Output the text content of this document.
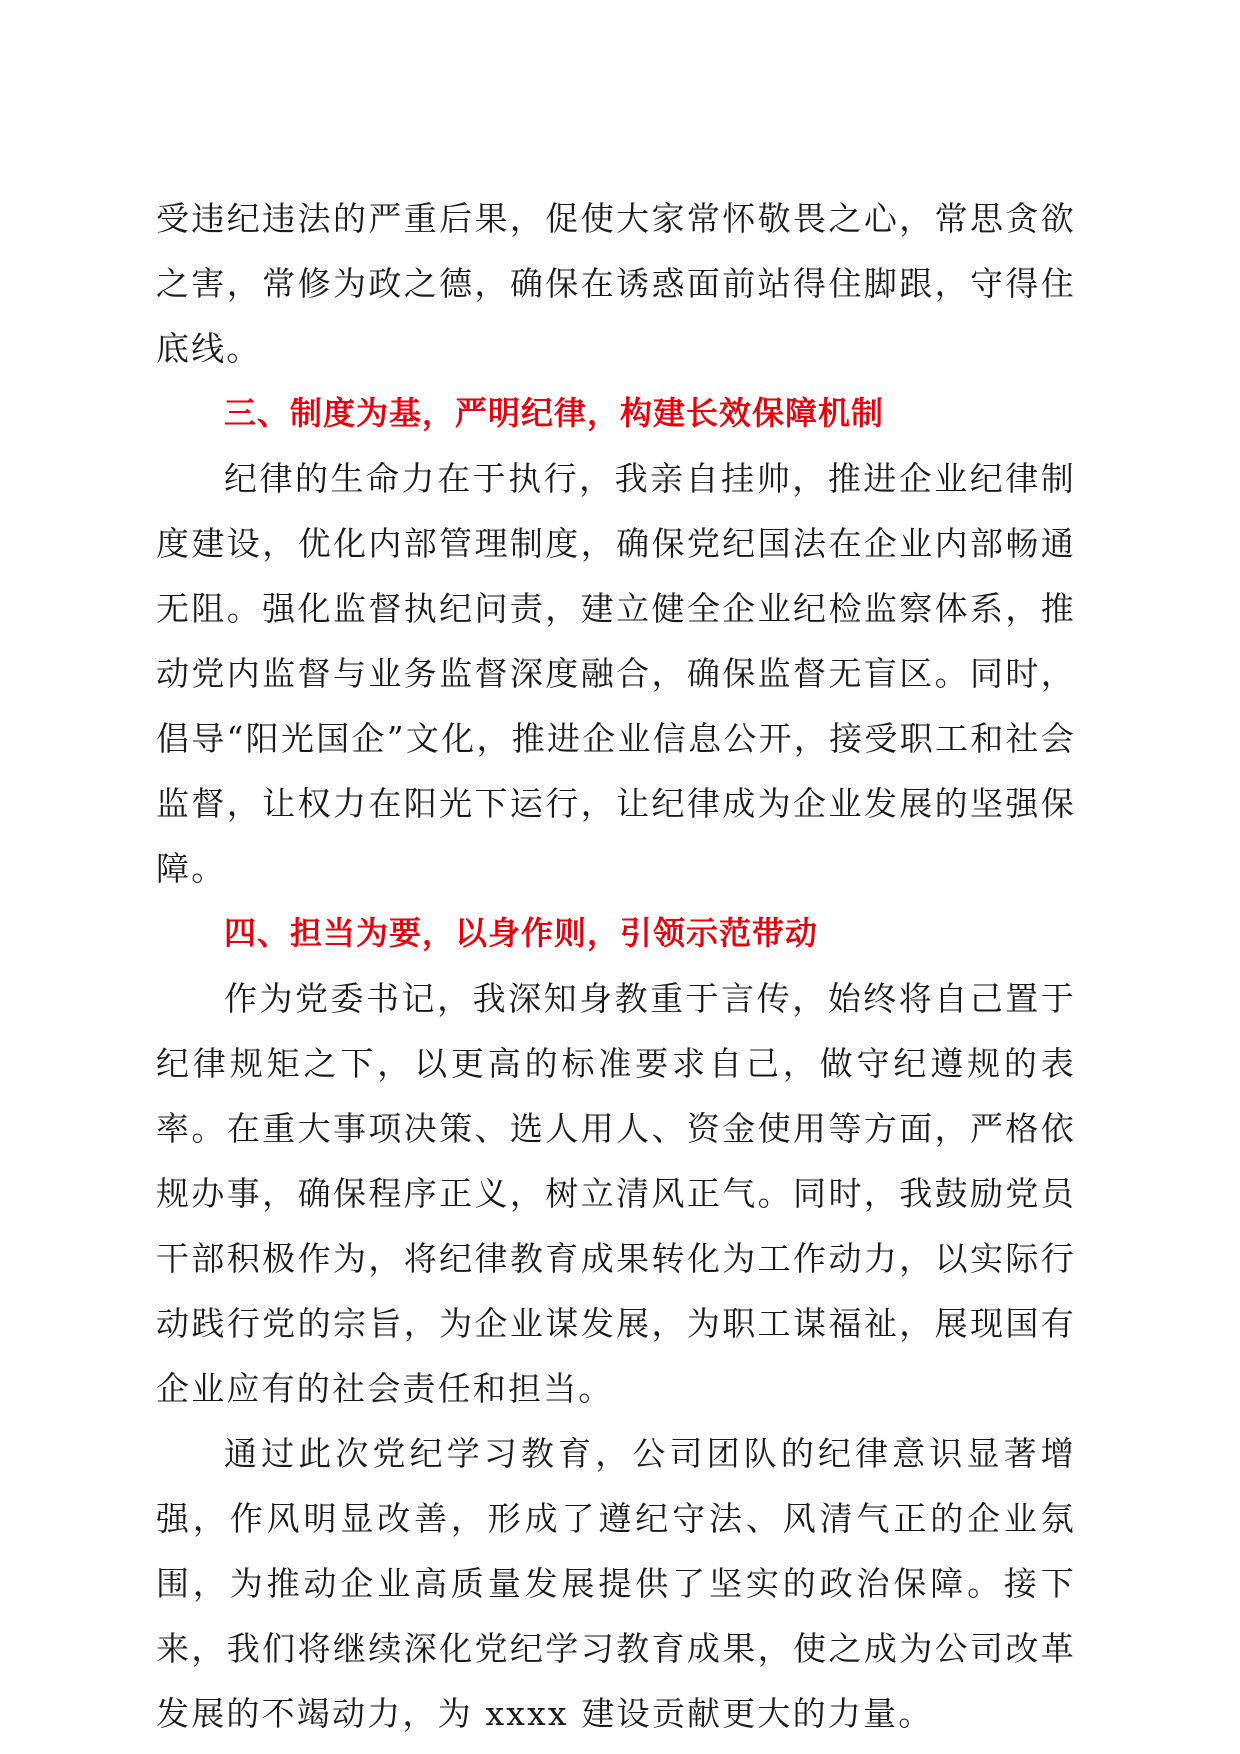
受违纪违法的严重后果，促使大家常怀敬畏之心，常思贪欲之害，常修为政之德，确保在诱惑面前站得住脚跟，守得住底线。

三、制度为基，严明纪律，构建长效保障机制

纪律的生命力在于执行，我亲自挂帅，推进企业纪律制度建设，优化内部管理制度，确保党纪国法在企业内部畅通无阻。强化监督执纪问责，建立健全企业纪检监察体系，推动党内监督与业务监督深度融合，确保监督无盲区。同时，倡导“阳光国企”文化，推进企业信息公开，接受职工和社会监督，让权力在阳光下运行，让纪律成为企业发展的坚强保障。

四、担当为要，以身作则，引领示范带动

作为党委书记，我深知身教重于言传，始终将自己置于纪律规矩之下，以更高的标准要求自己，做守纪遵规的表率。在重大事项决策、选人用人、资金使用等方面，严格依规办事，确保程序正义，树立清风正气。同时，我鼓励党员干部积极作为，将纪律教育成果转化为工作动力，以实际行动践行党的宗旨，为企业谋发展，为职工谋福祉，展现国有企业应有的社会责任和担当。

通过此次党纪学习教育，公司团队的纪律意识显著增强，作风明显改善，形成了遵纪守法、风清气正的企业氛围，为推动企业高质量发展提供了坚实的政治保障。接下来，我们将继续深化党纪学习教育成果，使之成为公司改革发展的不竭动力，为 xxxx 建设贡献更大的力量。
